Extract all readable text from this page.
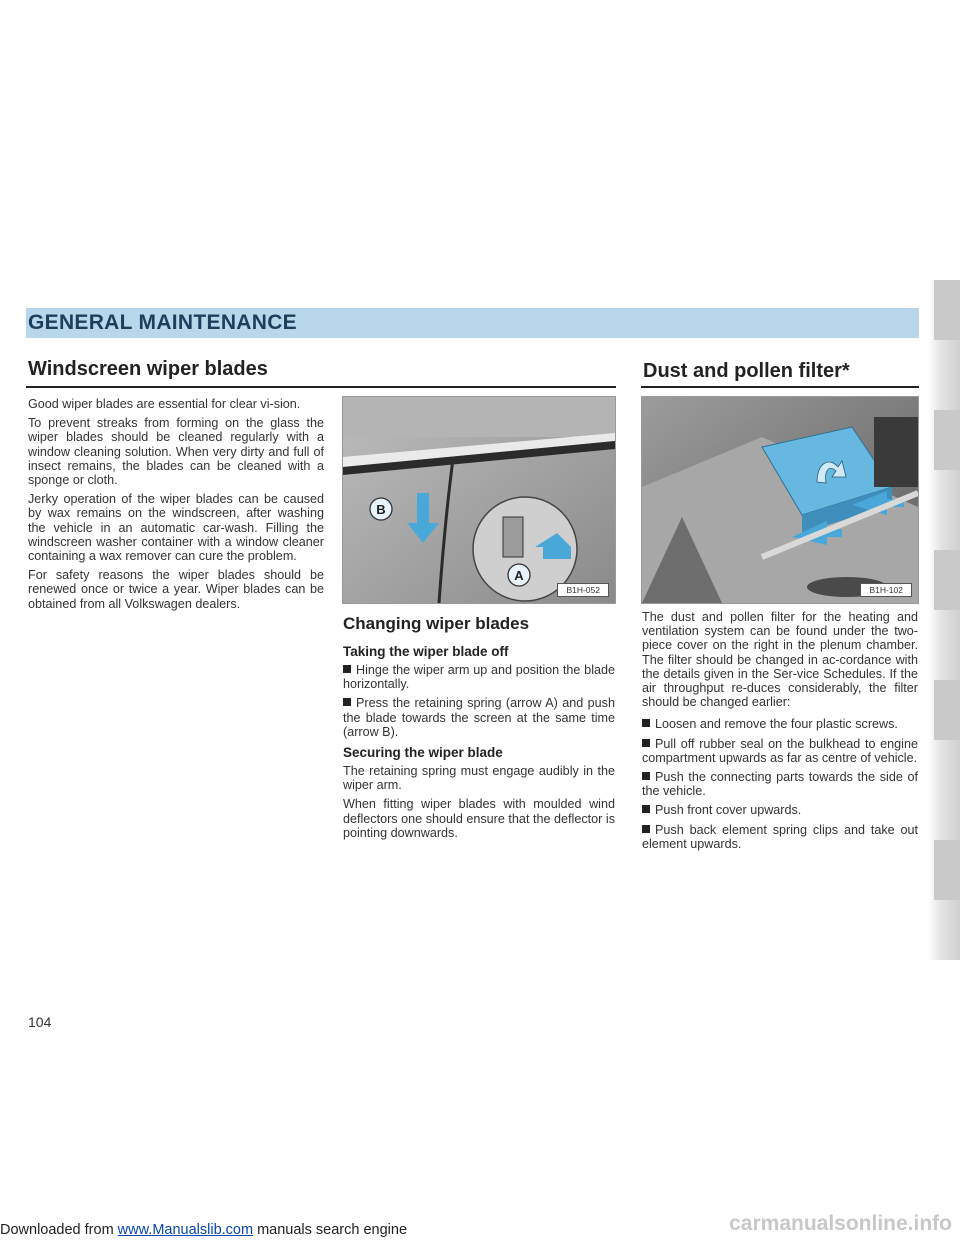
GENERAL MAINTENANCE
Windscreen wiper blades

Good wiper blades are essential for clear vi-sion.

To prevent streaks from forming on the glass the wiper blades should be cleaned regularly with a window cleaning solution. When very dirty and full of insect remains, the blades can be cleaned with a sponge or cloth.

Jerky operation of the wiper blades can be caused by wax remains on the windscreen, after washing the vehicle in an automatic car-wash. Filling the windscreen washer container with a window cleaner containing a wax remover can cure the problem.

For safety reasons the wiper blades should be renewed once or twice a year. Wiper blades can be obtained from all Volkswagen dealers.

B
A
B1H-052
Changing wiper blades
Taking the wiper blade off

Hinge the wiper arm up and position the blade horizontally.

Press the retaining spring (arrow A) and push the blade towards the screen at the same time (arrow B).

Securing the wiper blade

The retaining spring must engage audibly in the wiper arm.

When fitting wiper blades with moulded wind deflectors one should ensure that the deflector is pointing downwards.

Dust and pollen filter*
B1H-102

The dust and pollen filter for the heating and ventilation system can be found under the two-piece cover on the right in the plenum chamber. The filter should be changed in ac-cordance with the details given in the Ser-vice Schedules. If the air throughput re-duces considerably, the filter should be changed earlier:

Loosen and remove the four plastic screws.

Pull off rubber seal on the bulkhead to engine compartment upwards as far as centre of vehicle.

Push the connecting parts towards the side of the vehicle.

Push front cover upwards.

Push back element spring clips and take out element upwards.

104
Downloaded from www.Manualslib.com manuals search engine	carmanualsonline.info
